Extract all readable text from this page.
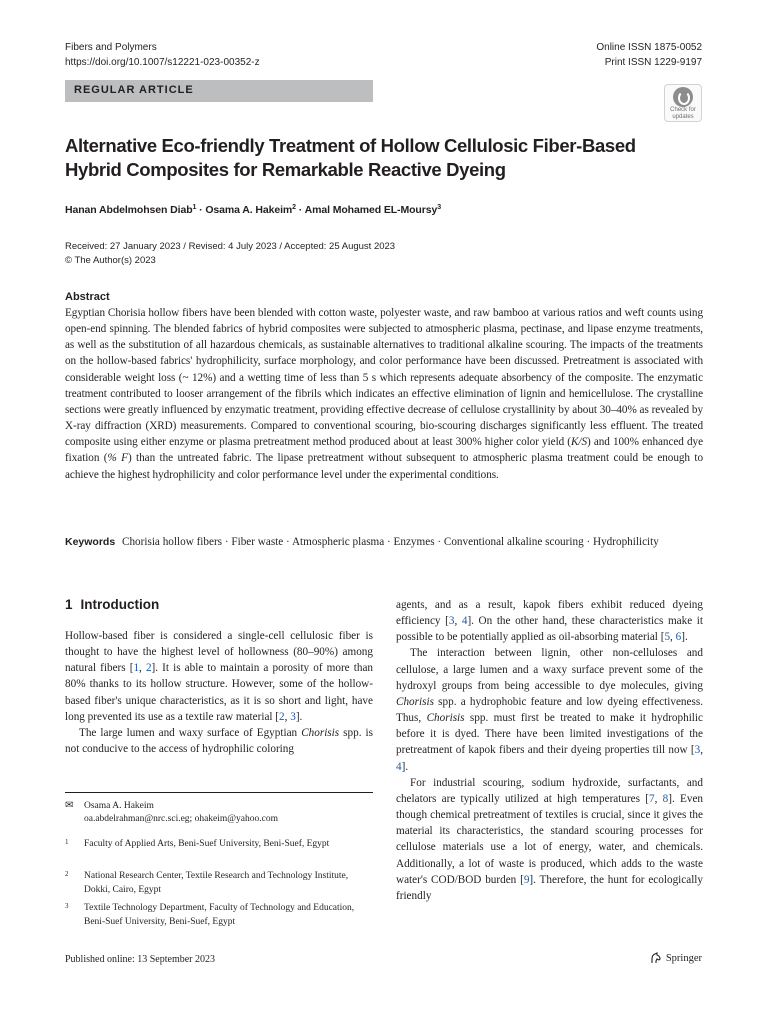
Fibers and Polymers
https://doi.org/10.1007/s12221-023-00352-z
Online ISSN 1875-0052
Print ISSN 1229-9197
REGULAR ARTICLE
Check for
updates
Alternative Eco-friendly Treatment of Hollow Cellulosic Fiber-Based
Hybrid Composites for Remarkable Reactive Dyeing
Hanan Abdelmohsen Diab$^1$ · Osama A. Hakeim$^2$ · Amal Mohamed EL-Moursy$^3$
Received: 27 January 2023 / Revised: 4 July 2023 / Accepted: 25 August 2023
© The Author(s) 2023
Abstract
Egyptian Chorisia hollow fibers have been blended with cotton waste, polyester waste, and raw bamboo at various ratios and weft counts using open-end spinning. The blended fabrics of hybrid composites were subjected to atmospheric plasma, pectinase, and lipase enzyme treatments, as well as the substitution of all hazardous chemicals, as sustainable alternatives to traditional alkaline scouring. The impacts of the treatments on the hollow-based fabrics' hydrophilicity, surface morphology, and color performance have been discussed. Pretreatment is associated with considerable weight loss (~ 12%) and a wetting time of less than 5 s which represents adequate absorbency of the composite. The enzymatic treatment contributed to looser arrangement of the fibrils which indicates an effective elimination of lignin and hemicellulose. The crystalline sections were greatly influenced by enzymatic treatment, providing effective decrease of cellulose crystallinity by about 30–40% as revealed by X-ray diffraction (XRD) measurements. Compared to conventional scouring, bio-scouring discharges significantly less effluent. The treated composite using either enzyme or plasma pretreatment method produced about at least 300% higher color yield (K/S) and 100% enhanced dye fixation (% F) than the untreated fabric. The lipase pretreatment without subsequent to atmospheric plasma treatment could be enough to achieve the highest hydrophilicity and color performance level under the experimental conditions.
Keywords Chorisia hollow fibers · Fiber waste · Atmospheric plasma · Enzymes · Conventional alkaline scouring · Hydrophilicity
1 Introduction

Hollow-based fiber is considered a single-cell cellulosic fiber is thought to have the highest level of hollowness (80–90%) among natural fibers [1, 2]. It is able to maintain a porosity of more than 80% thanks to its hollow structure. However, some of the hollow-based fiber's unique characteristics, as it is so short and light, have long prevented its use as a textile raw material [2, 3].

The large lumen and waxy surface of Egyptian Chorisis spp. is not conducive to the access of hydrophilic coloring

agents, and as a result, kapok fibers exhibit reduced dyeing efficiency [3, 4]. On the other hand, these characteristics make it possible to be potentially applied as oil-absorbing material [5, 6].

The interaction between lignin, other non-celluloses and cellulose, a large lumen and a waxy surface prevent some of the hydroxyl groups from being accessible to dye molecules, giving Chorisis spp. a hydrophobic feature and low dyeing effectiveness. Thus, Chorisis spp. must first be treated to make it hydrophilic before it is dyed. There have been limited investigations of the pretreatment of kapok fibers and their dyeing properties till now [3, 4].

For industrial scouring, sodium hydroxide, surfactants, and chelators are typically utilized at high temperatures [7, 8]. Even though chemical pretreatment of textiles is crucial, since it gives the material its characteristics, the standard scouring processes for cellulose materials use a lot of energy, water, and chemicals. Additionally, a lot of waste is produced, which adds to the waste water's COD/BOD burden [9]. Therefore, the hunt for ecologically friendly

✉ Osama A. Hakeim
oa.abdelrahman@nrc.sci.eg; ohakeim@yahoo.com
1 Faculty of Applied Arts, Beni-Suef University, Beni-Suef, Egypt
2 National Research Center, Textile Research and Technology Institute, Dokki, Cairo, Egypt
3 Textile Technology Department, Faculty of Technology and Education, Beni-Suef University, Beni-Suef, Egypt
Published online: 13 September 2023	Springer
